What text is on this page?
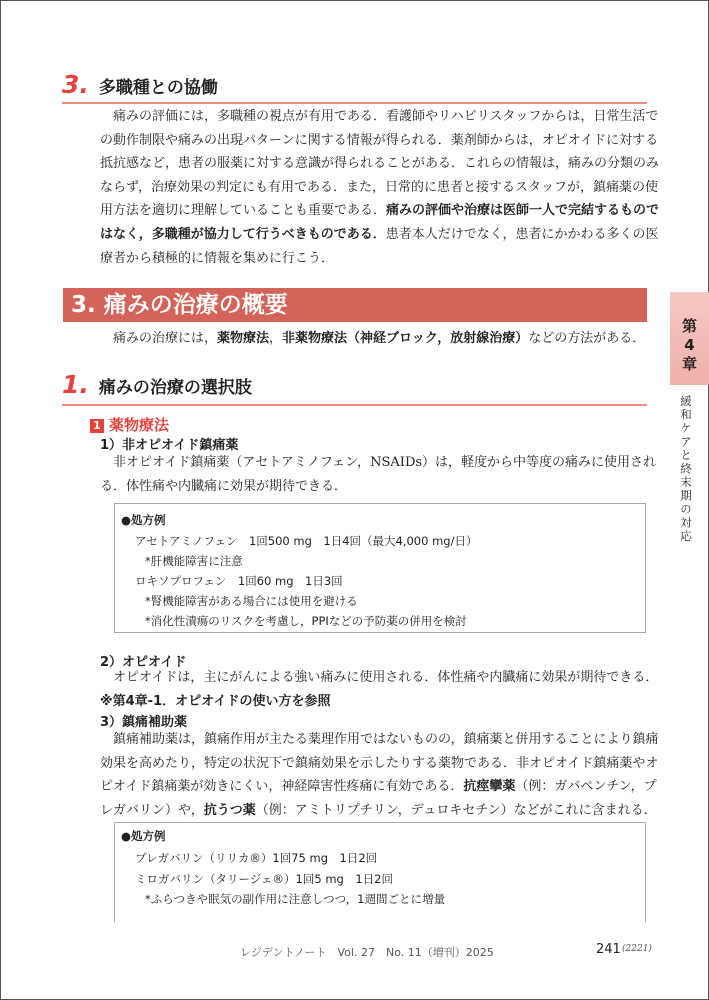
3. 多職種との協働
痛みの評価には，多職種の視点が有用である．看護師やリハビリスタッフからは，日常生活で
の動作制限や痛みの出現パターンに関する情報が得られる．薬剤師からは，オピオイドに対する
抵抗感など，患者の服薬に対する意識が得られることがある．これらの情報は，痛みの分類のみ
ならず，治療効果の判定にも有用である．また，日常的に患者と接するスタッフが，鎮痛薬の使
用方法を適切に理解していることも重要である．痛みの評価や治療は医師一人で完結するもので
はなく，多職種が協力して行うべきものである．患者本人だけでなく，患者にかかわる多くの医
療者から積極的に情報を集めに行こう．
3. 痛みの治療の概要
痛みの治療には，薬物療法，非薬物療法（神経ブロック，放射線治療）などの方法がある．
1. 痛みの治療の選択肢
1 薬物療法
1）非オピオイド鎮痛薬
非オピオイド鎮痛薬（アセトアミノフェン，NSAIDs）は，軽度から中等度の痛みに使用され
る．体性痛や内臓痛に効果が期待できる．
●処方例
アセトアミノフェン　1回500 mg　1日4回（最大4,000 mg/日）
*肝機能障害に注意
ロキソプロフェン　1回60 mg　1日3回
*腎機能障害がある場合には使用を避ける
*消化性潰瘍のリスクを考慮し，PPIなどの予防薬の併用を検討
2）オピオイド
オピオイドは，主にがんによる強い痛みに使用される．体性痛や内臓痛に効果が期待できる．
※第4章-1．オピオイドの使い方を参照
3）鎮痛補助薬
鎮痛補助薬は，鎮痛作用が主たる薬理作用ではないものの，鎮痛薬と併用することにより鎮痛
効果を高めたり，特定の状況下で鎮痛効果を示したりする薬物である．非オピオイド鎮痛薬やオ
ピオイド鎮痛薬が効きにくい，神経障害性疼痛に有効である．抗痙攣薬（例：ガバペンチン，プ
レガバリン）や，抗うつ薬（例：アミトリプチリン，デュロキセチン）などがこれに含まれる．
●処方例
プレガバリン（リリカ®）1回75 mg　1日2回
ミロガバリン（タリージェ®）1回5 mg　1日2回
*ふらつきや眠気の副作用に注意しつつ，1週間ごとに増量
第
4
章
緩和ケアと終末期の対応
レジデントノート　Vol. 27　No. 11（増刊）2025	241 (2221)
